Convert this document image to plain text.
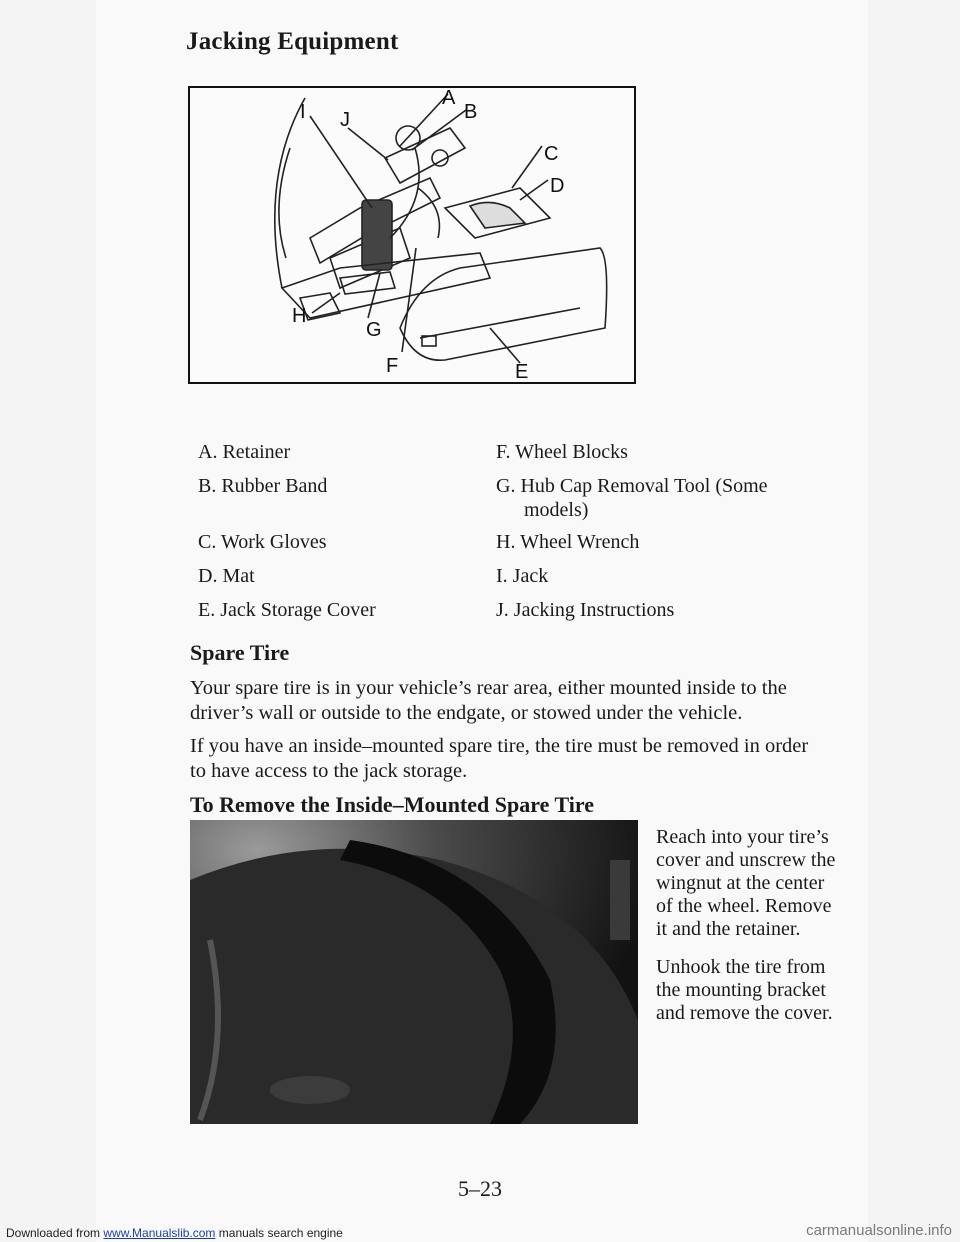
Jacking Equipment
J
I
A
B
C
D
E
F
G
H
A. Retainer
B. Rubber Band
C. Work Gloves
D. Mat
E. Jack Storage Cover
F. Wheel Blocks
G. Hub Cap Removal Tool (Some
models)
H. Wheel Wrench
I. Jack
J. Jacking Instructions
Spare Tire
Your spare tire is in your vehicle’s rear area, either mounted inside to the
driver’s wall or outside to the endgate, or stowed under the vehicle.
If you have an inside–mounted spare tire, the tire must be removed in order
to have access to the jack storage.
To Remove the Inside–Mounted Spare Tire
Reach into your tire’s
cover and unscrew the
wingnut at the center
of the wheel. Remove
it and the retainer.
Unhook the tire from
the mounting bracket
and remove the cover.
5–23
Downloaded from www.Manualslib.com manuals search engine	carmanualsonline.info
